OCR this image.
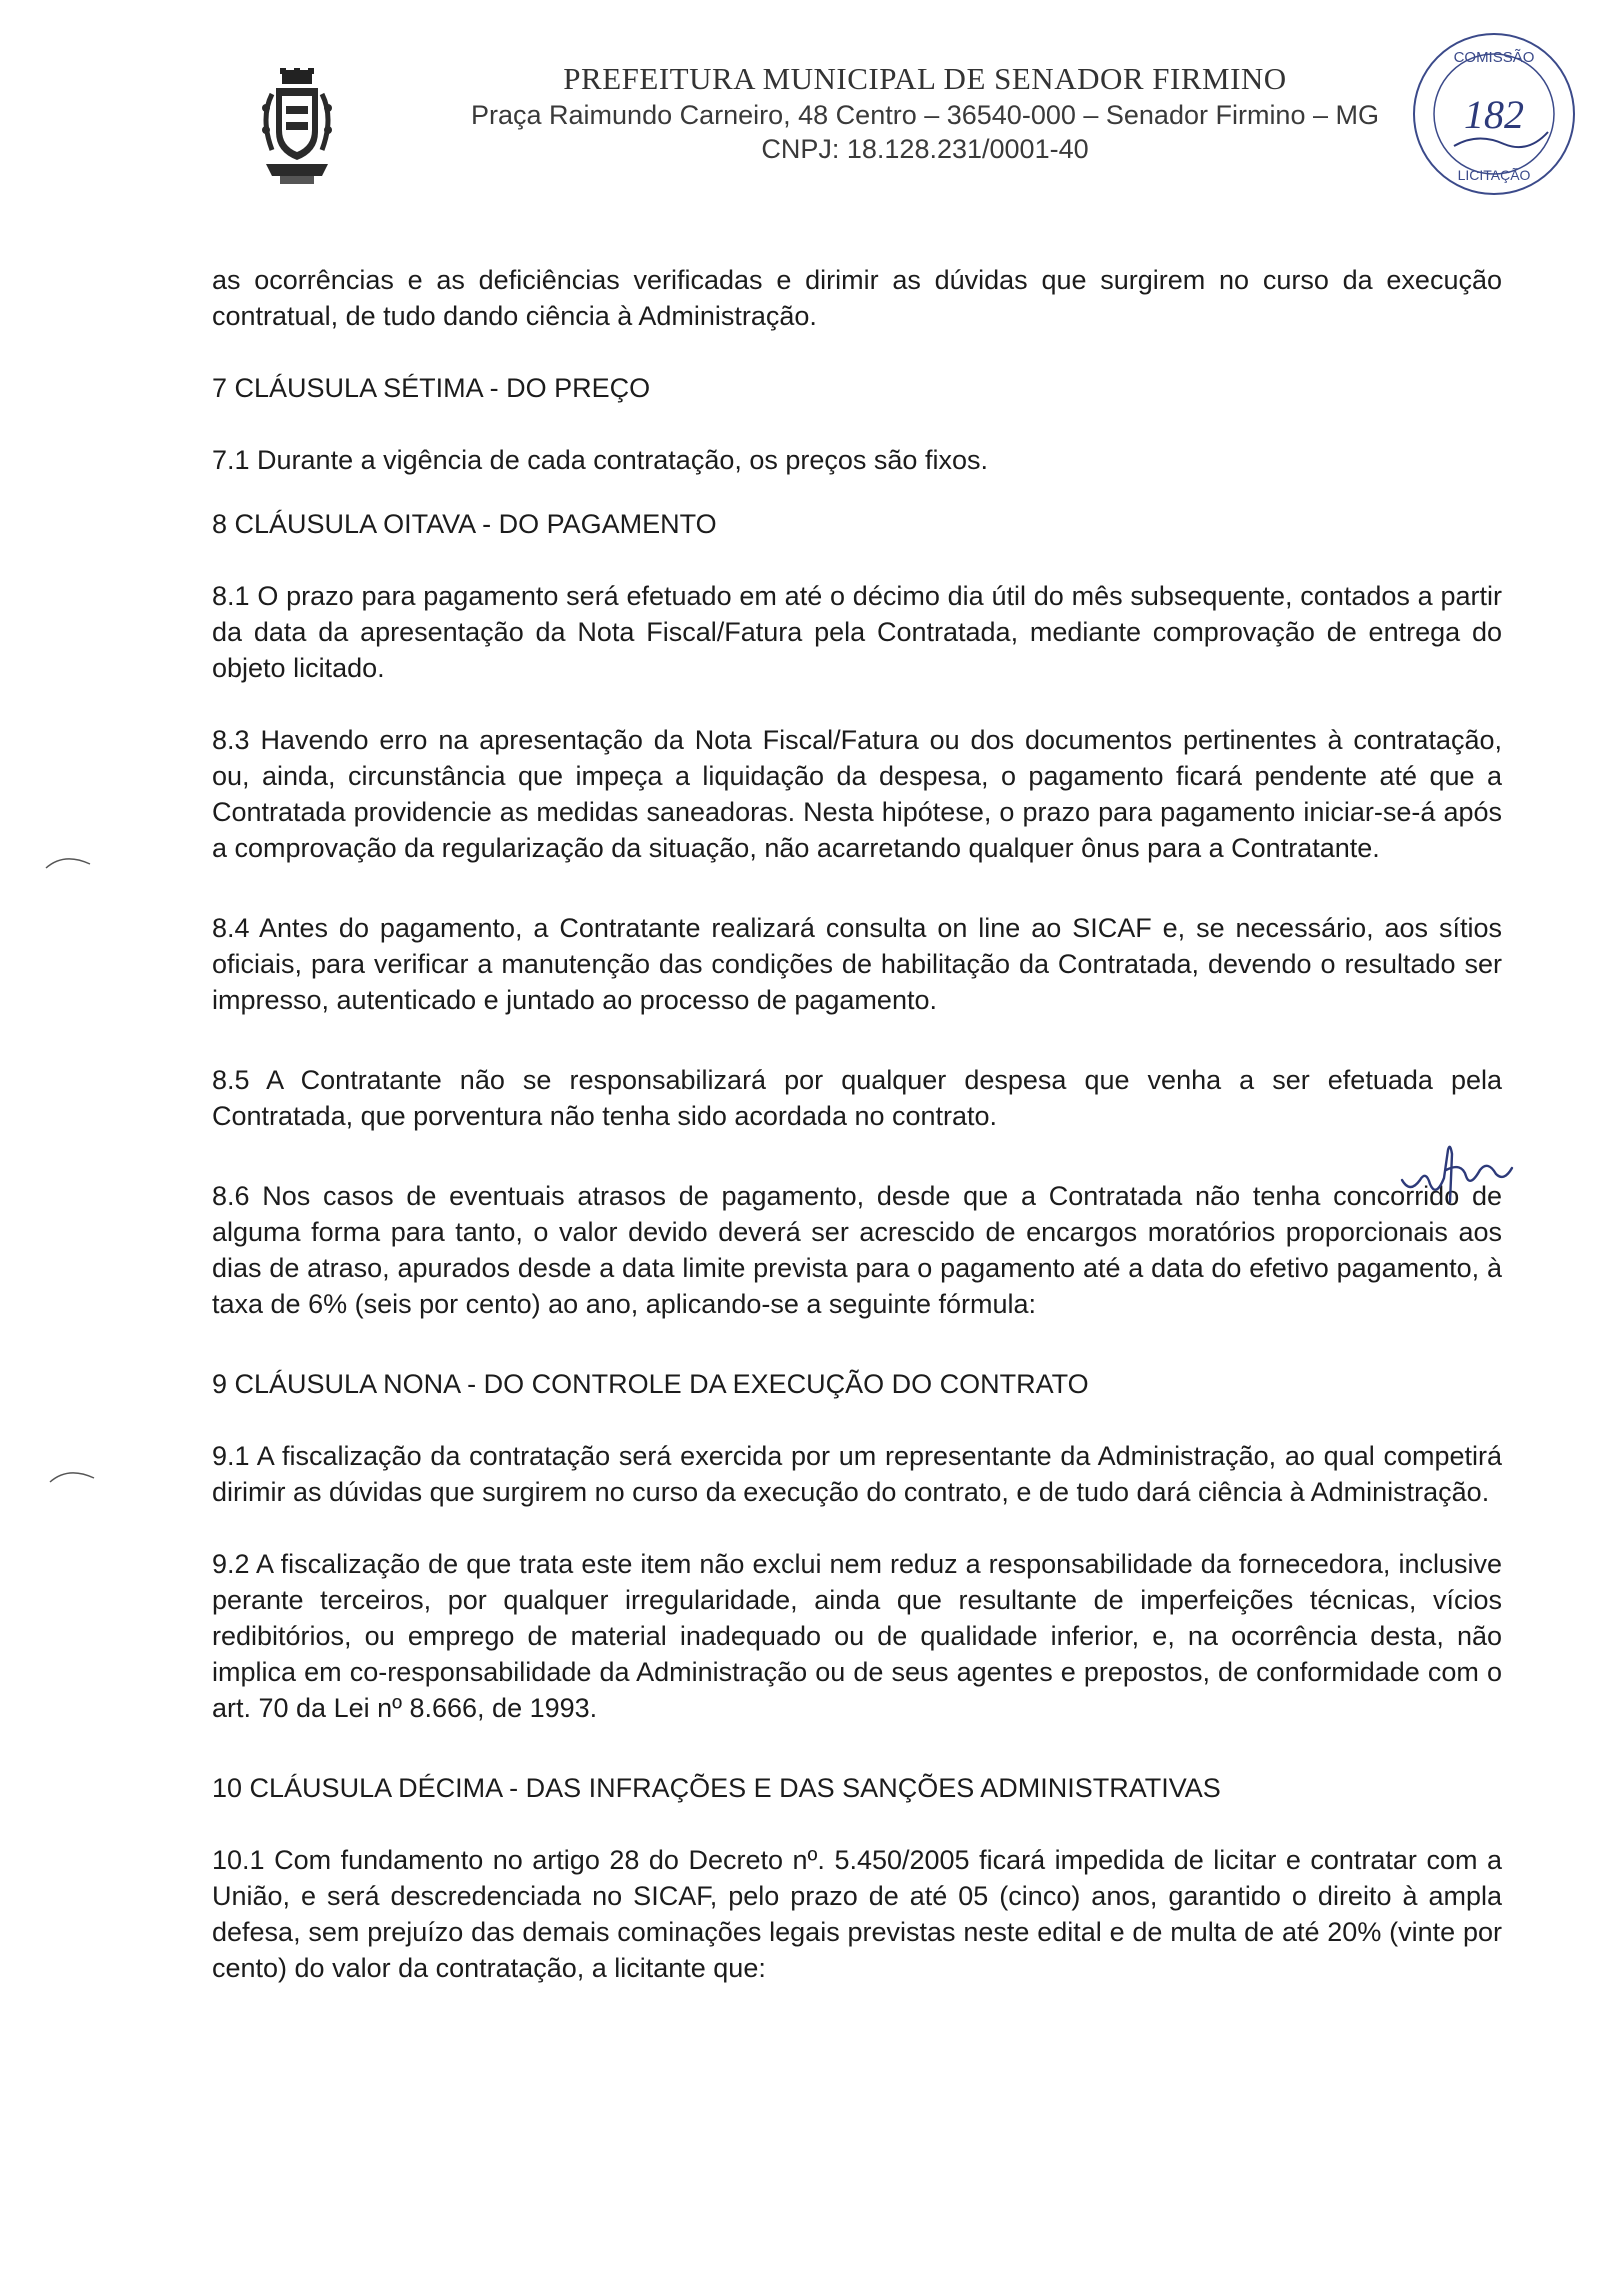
PREFEITURA MUNICIPAL DE SENADOR FIRMINO
Praça Raimundo Carneiro, 48 Centro – 36540-000 – Senador Firmino – MG
CNPJ: 18.128.231/0001-40
COMISSÃO
182
LICITAÇÃO

as ocorrências e as deficiências verificadas e dirimir as dúvidas que surgirem no curso da execução contratual, de tudo dando ciência à Administração.

7 CLÁUSULA SÉTIMA - DO PREÇO

7.1 Durante a vigência de cada contratação, os preços são fixos.

8 CLÁUSULA OITAVA - DO PAGAMENTO

8.1 O prazo para pagamento será efetuado em até o décimo dia útil do mês subsequente, contados a partir da data da apresentação da Nota Fiscal/Fatura pela Contratada, mediante comprovação de entrega do objeto licitado.

8.3 Havendo erro na apresentação da Nota Fiscal/Fatura ou dos documentos pertinentes à contratação, ou, ainda, circunstância que impeça a liquidação da despesa, o pagamento ficará pendente até que a Contratada providencie as medidas saneadoras. Nesta hipótese, o prazo para pagamento iniciar-se-á após a comprovação da regularização da situação, não acarretando qualquer ônus para a Contratante.

8.4 Antes do pagamento, a Contratante realizará consulta on line ao SICAF e, se necessário, aos sítios oficiais, para verificar a manutenção das condições de habilitação da Contratada, devendo o resultado ser impresso, autenticado e juntado ao processo de pagamento.

8.5 A Contratante não se responsabilizará por qualquer despesa que venha a ser efetuada pela Contratada, que porventura não tenha sido acordada no contrato.

8.6 Nos casos de eventuais atrasos de pagamento, desde que a Contratada não tenha concorrido de alguma forma para tanto, o valor devido deverá ser acrescido de encargos moratórios proporcionais aos dias de atraso, apurados desde a data limite prevista para o pagamento até a data do efetivo pagamento, à taxa de 6% (seis por cento) ao ano, aplicando-se a seguinte fórmula:

9 CLÁUSULA NONA - DO CONTROLE DA EXECUÇÃO DO CONTRATO

9.1 A fiscalização da contratação será exercida por um representante da Administração, ao qual competirá dirimir as dúvidas que surgirem no curso da execução do contrato, e de tudo dará ciência à Administração.

9.2 A fiscalização de que trata este item não exclui nem reduz a responsabilidade da fornecedora, inclusive perante terceiros, por qualquer irregularidade, ainda que resultante de imperfeições técnicas, vícios redibitórios, ou emprego de material inadequado ou de qualidade inferior, e, na ocorrência desta, não implica em co-responsabilidade da Administração ou de seus agentes e prepostos, de conformidade com o art. 70 da Lei nº 8.666, de 1993.

10 CLÁUSULA DÉCIMA - DAS INFRAÇÕES E DAS SANÇÕES ADMINISTRATIVAS

10.1 Com fundamento no artigo 28 do Decreto nº. 5.450/2005 ficará impedida de licitar e contratar com a União, e será descredenciada no SICAF, pelo prazo de até 05 (cinco) anos, garantido o direito à ampla defesa, sem prejuízo das demais cominações legais previstas neste edital e de multa de até 20% (vinte por cento) do valor da contratação, a licitante que:
